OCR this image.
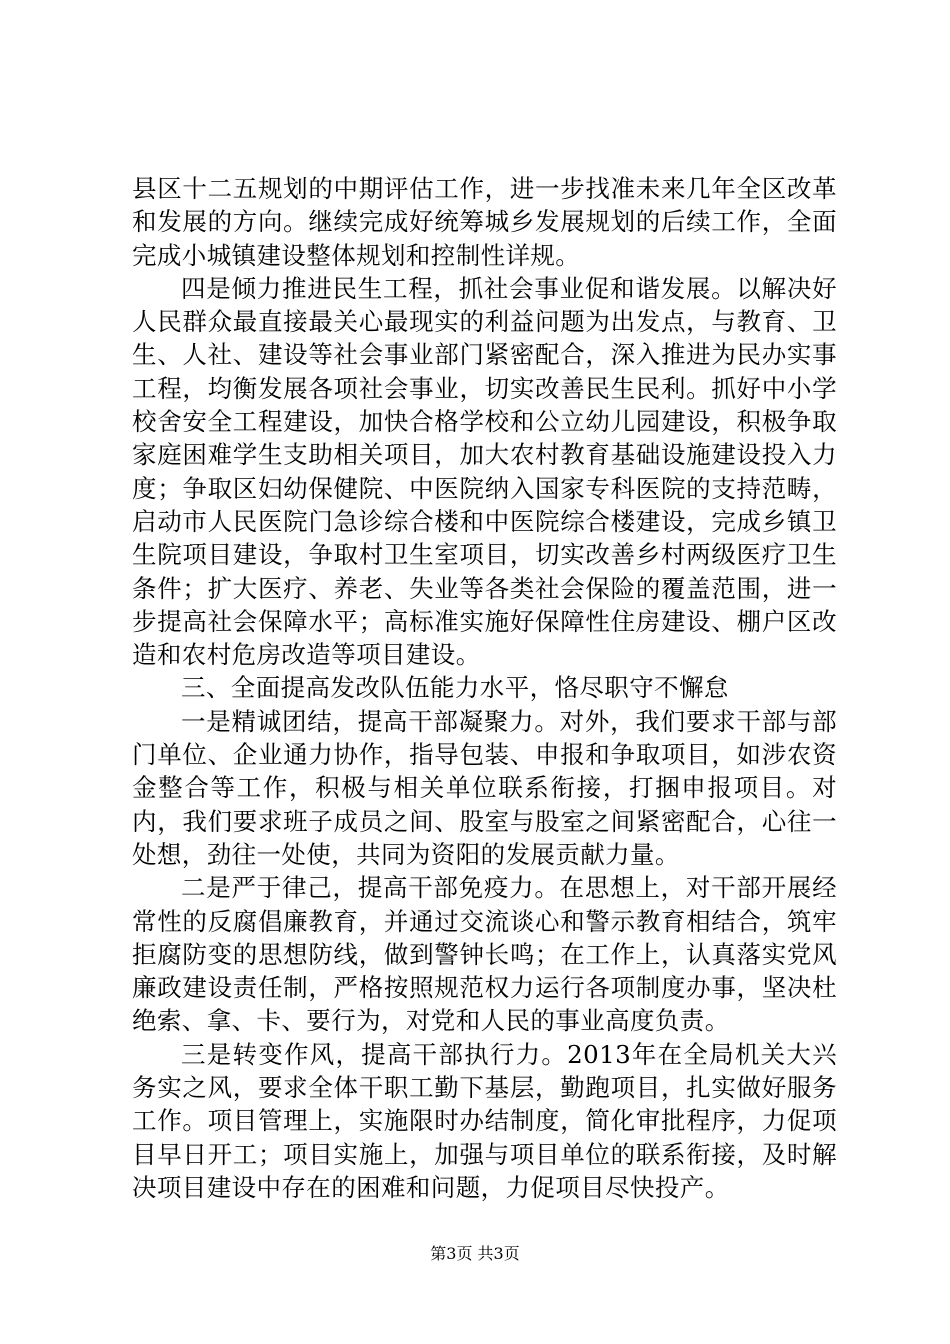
县区十二五规划的中期评估工作，进一步找准未来几年全区改革和发展的方向。继续完成好统筹城乡发展规划的后续工作，全面完成小城镇建设整体规划和控制性详规。

四是倾力推进民生工程，抓社会事业促和谐发展。以解决好人民群众最直接最关心最现实的利益问题为出发点，与教育、卫生、人社、建设等社会事业部门紧密配合，深入推进为民办实事工程，均衡发展各项社会事业，切实改善民生民利。抓好中小学校舍安全工程建设，加快合格学校和公立幼儿园建设，积极争取家庭困难学生支助相关项目，加大农村教育基础设施建设投入力度；争取区妇幼保健院、中医院纳入国家专科医院的支持范畴，启动市人民医院门急诊综合楼和中医院综合楼建设，完成乡镇卫生院项目建设，争取村卫生室项目，切实改善乡村两级医疗卫生条件；扩大医疗、养老、失业等各类社会保险的覆盖范围，进一步提高社会保障水平；高标准实施好保障性住房建设、棚户区改造和农村危房改造等项目建设。

三、全面提高发改队伍能力水平，恪尽职守不懈怠

一是精诚团结，提高干部凝聚力。对外，我们要求干部与部门单位、企业通力协作，指导包装、申报和争取项目，如涉农资金整合等工作，积极与相关单位联系衔接，打捆申报项目。对内，我们要求班子成员之间、股室与股室之间紧密配合，心往一处想，劲往一处使，共同为资阳的发展贡献力量。

二是严于律己，提高干部免疫力。在思想上，对干部开展经常性的反腐倡廉教育，并通过交流谈心和警示教育相结合，筑牢拒腐防变的思想防线，做到警钟长鸣；在工作上，认真落实党风廉政建设责任制，严格按照规范权力运行各项制度办事，坚决杜绝索、拿、卡、要行为，对党和人民的事业高度负责。

三是转变作风，提高干部执行力。2013年在全局机关大兴务实之风，要求全体干职工勤下基层，勤跑项目，扎实做好服务工作。项目管理上，实施限时办结制度，简化审批程序，力促项目早日开工；项目实施上，加强与项目单位的联系衔接，及时解决项目建设中存在的困难和问题，力促项目尽快投产。

第3页 共3页
